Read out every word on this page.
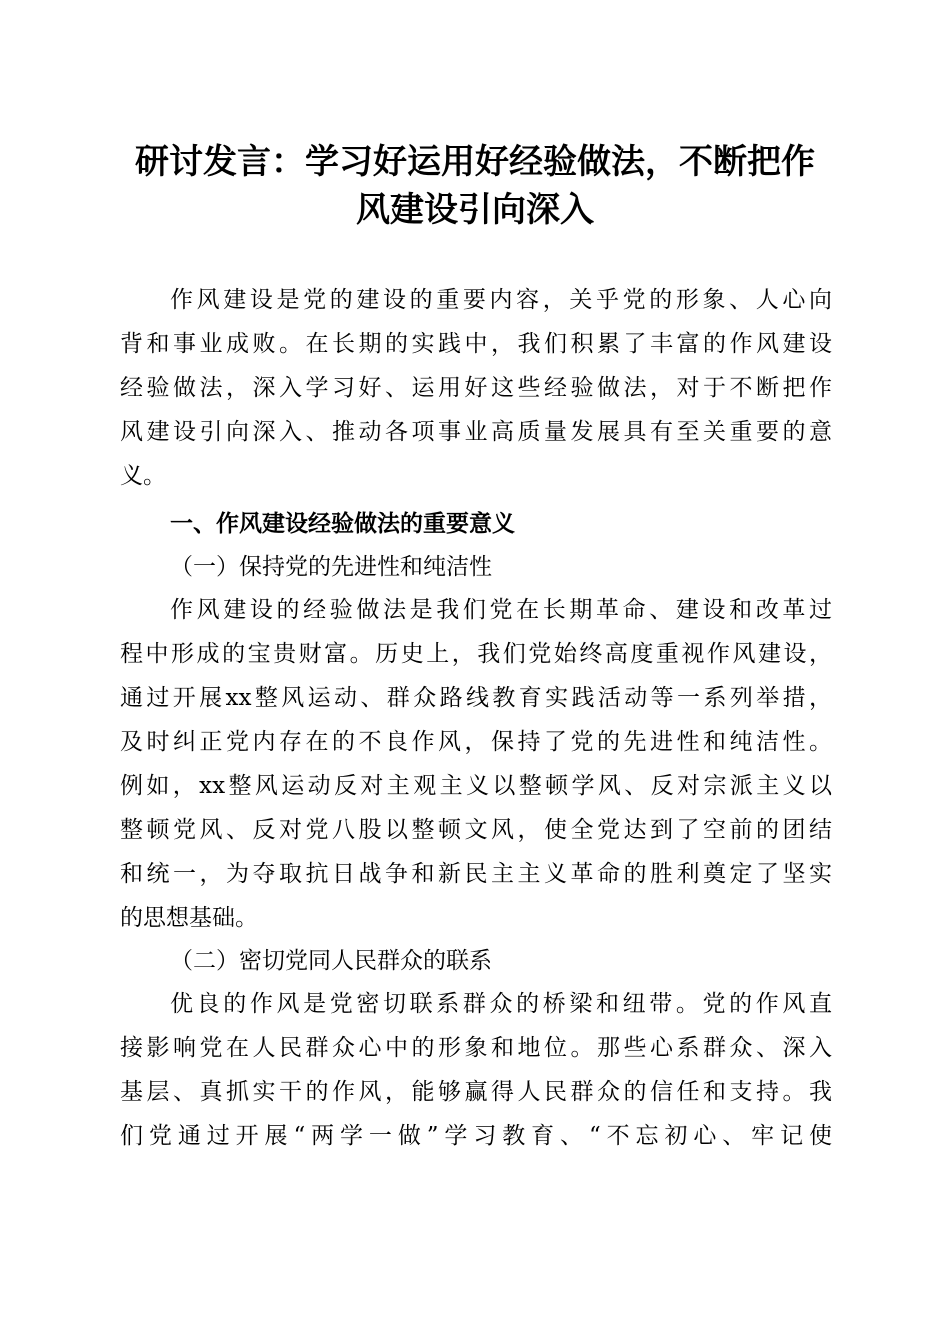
研讨发言：学习好运用好经验做法，不断把作
风建设引向深入
作风建设是党的建设的重要内容，关乎党的形象、人心向
背和事业成败。在长期的实践中，我们积累了丰富的作风建设
经验做法，深入学习好、运用好这些经验做法，对于不断把作
风建设引向深入、推动各项事业高质量发展具有至关重要的意
义。
一、作风建设经验做法的重要意义
（一）保持党的先进性和纯洁性
作风建设的经验做法是我们党在长期革命、建设和改革过
程中形成的宝贵财富。历史上，我们党始终高度重视作风建设，
通过开展xx整风运动、群众路线教育实践活动等一系列举措，
及时纠正党内存在的不良作风，保持了党的先进性和纯洁性。
例如，xx整风运动反对主观主义以整顿学风、反对宗派主义以
整顿党风、反对党八股以整顿文风，使全党达到了空前的团结
和统一，为夺取抗日战争和新民主主义革命的胜利奠定了坚实
的思想基础。
（二）密切党同人民群众的联系
优良的作风是党密切联系群众的桥梁和纽带。党的作风直
接影响党在人民群众心中的形象和地位。那些心系群众、深入
基层、真抓实干的作风，能够赢得人民群众的信任和支持。我
们党通过开展“两学一做”学习教育、“不忘初心、牢记使
